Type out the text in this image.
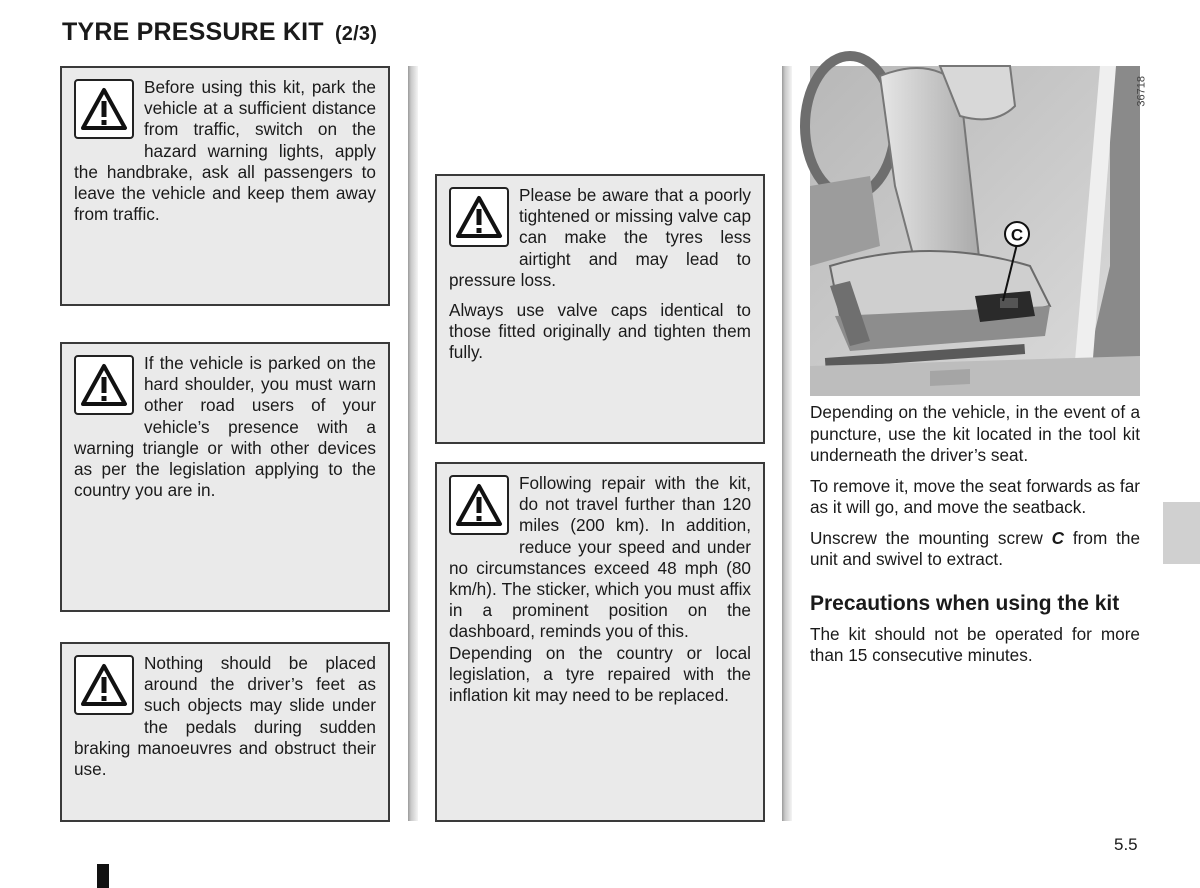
TYRE PRESSURE KIT (2/3)

Before using this kit, park the vehicle at a sufficient distance from traffic, switch on the hazard warning lights, apply the handbrake, ask all passengers to leave the vehicle and keep them away from traffic.

If the vehicle is parked on the hard shoulder, you must warn other road users of your vehicle’s presence with a warning triangle or with other devices as per the legislation applying to the country you are in.

Nothing should be placed around the driver’s feet as such objects may slide under the pedals during sudden braking manoeuvres and obstruct their use.

Please be aware that a poorly tightened or missing valve cap can make the tyres less airtight and may lead to pressure loss.

Always use valve caps identical to those fitted originally and tighten them fully.

Following repair with the kit, do not travel further than 120 miles (200 km). In addition, reduce your speed and under no circumstances exceed 48 mph (80 km/h). The sticker, which you must affix in a prominent position on the dashboard, reminds you of this.

Depending on the country or local legislation, a tyre repaired with the inflation kit may need to be replaced.

C
36718

Depending on the vehicle, in the event of a puncture, use the kit located in the tool kit underneath the driver’s seat.

To remove it, move the seat forwards as far as it will go, and move the seatback.

Unscrew the mounting screw C from the unit and swivel to extract.

Precautions when using the kit

The kit should not be operated for more than 15 consecutive minutes.

5.5
